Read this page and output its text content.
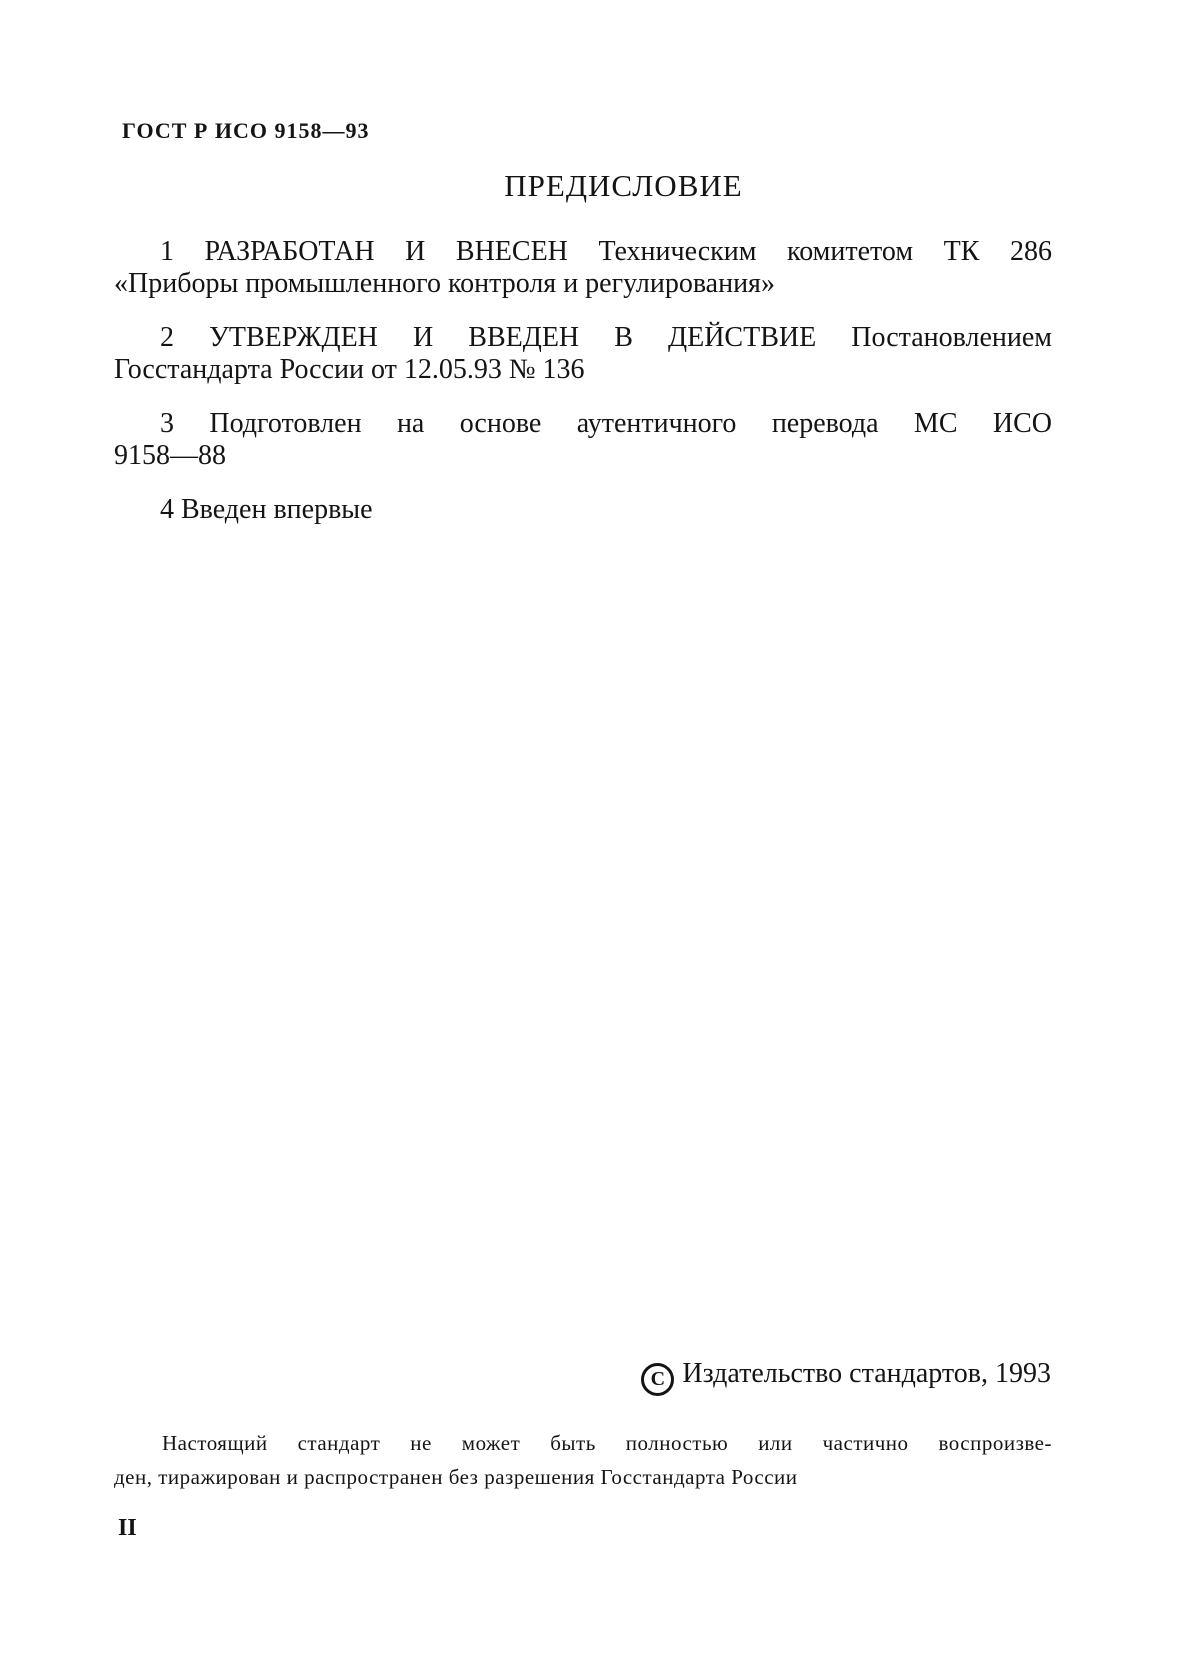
ГОСТ Р ИСО 9158—93
ПРЕДИСЛОВИЕ
1 РАЗРАБОТАН И ВНЕСЕН Техническим комитетом ТК 286
«Приборы промышленного контроля и регулирования»
2 УТВЕРЖДЕН И ВВЕДЕН В ДЕЙСТВИЕ Постановлением
Госстандарта России от 12.05.93 № 136
3 Подготовлен на основе аутентичного перевода МС ИСО
9158—88
4 Введен впервые
С Издательство стандартов, 1993
Настоящий стандарт не может быть полностью или частично воспроизве-
ден, тиражирован и распространен без разрешения Госстандарта России
II
